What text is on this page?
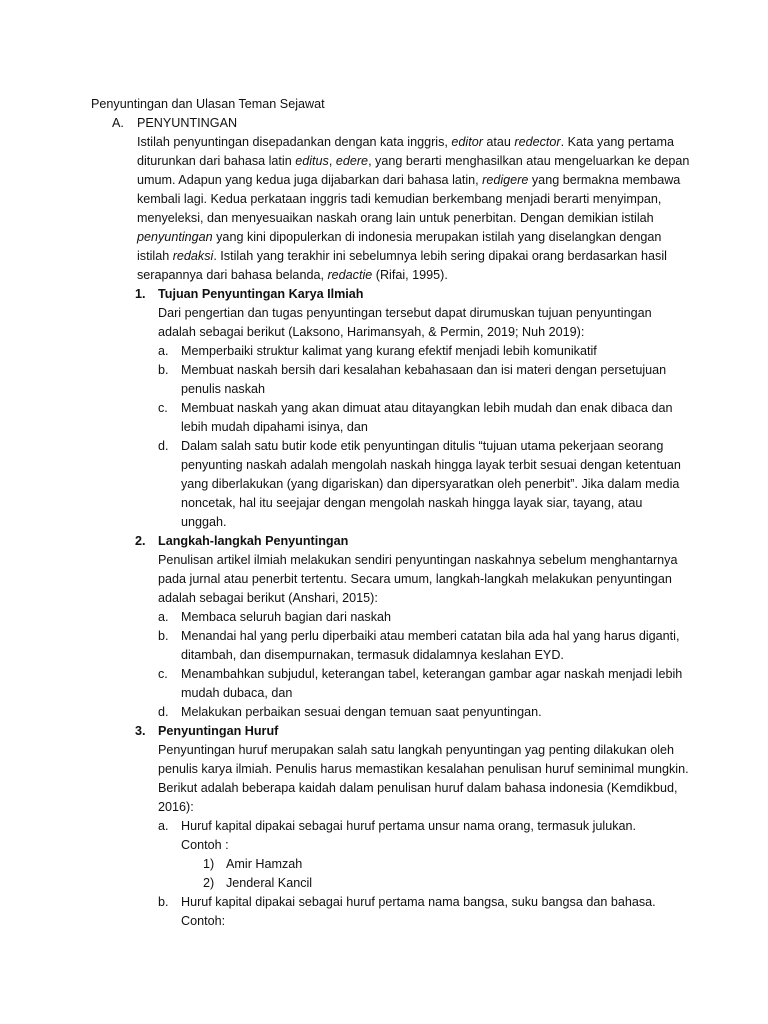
Penyuntingan dan Ulasan Teman Sejawat
A. PENYUNTINGAN
Istilah penyuntingan disepadankan dengan kata inggris, editor atau redector. Kata yang pertama diturunkan dari bahasa latin editus, edere, yang berarti menghasilkan atau mengeluarkan ke depan umum. Adapun yang kedua juga dijabarkan dari bahasa latin, redigere yang bermakna membawa kembali lagi. Kedua perkataan inggris tadi kemudian berkembang menjadi berarti menyimpan, menyeleksi, dan menyesuaikan naskah orang lain untuk penerbitan. Dengan demikian istilah penyuntingan yang kini dipopulerkan di indonesia merupakan istilah yang diselangkan dengan istilah redaksi. Istilah yang terakhir ini sebelumnya lebih sering dipakai orang berdasarkan hasil serapannya dari bahasa belanda, redactie (Rifai, 1995).
1. Tujuan Penyuntingan Karya Ilmiah
Dari pengertian dan tugas penyuntingan tersebut dapat dirumuskan tujuan penyuntingan adalah sebagai berikut (Laksono, Harimansyah, & Permin, 2019; Nuh 2019):
a. Memperbaiki struktur kalimat yang kurang efektif menjadi lebih komunikatif
b. Membuat naskah bersih dari kesalahan kebahasaan dan isi materi dengan persetujuan penulis naskah
c. Membuat naskah yang akan dimuat atau ditayangkan lebih mudah dan enak dibaca dan lebih mudah dipahami isinya, dan
d. Dalam salah satu butir kode etik penyuntingan ditulis “tujuan utama pekerjaan seorang penyunting naskah adalah mengolah naskah hingga layak terbit sesuai dengan ketentuan yang diberlakukan (yang digariskan) dan dipersyaratkan oleh penerbit”. Jika dalam media noncetak, hal itu seejajar dengan mengolah naskah hingga layak siar, tayang, atau unggah.
2. Langkah-langkah Penyuntingan
Penulisan artikel ilmiah melakukan sendiri penyuntingan naskahnya sebelum menghantarnya pada jurnal atau penerbit tertentu. Secara umum, langkah-langkah melakukan penyuntingan adalah sebagai berikut (Anshari, 2015):
a. Membaca seluruh bagian dari naskah
b. Menandai hal yang perlu diperbaiki atau memberi catatan bila ada hal yang harus diganti, ditambah, dan disempurnakan, termasuk didalamnya keslahan EYD.
c. Menambahkan subjudul, keterangan tabel, keterangan gambar agar naskah menjadi lebih mudah dubaca, dan
d. Melakukan perbaikan sesuai dengan temuan saat penyuntingan.
3. Penyuntingan Huruf
Penyuntingan huruf merupakan salah satu langkah penyuntingan yag penting dilakukan oleh penulis karya ilmiah. Penulis harus memastikan kesalahan penulisan huruf seminimal mungkin. Berikut adalah beberapa kaidah dalam penulisan huruf dalam bahasa indonesia (Kemdikbud, 2016):
a. Huruf kapital dipakai sebagai huruf pertama unsur nama orang, termasuk julukan.
Contoh :
1) Amir Hamzah
2) Jenderal Kancil
b. Huruf kapital dipakai sebagai huruf pertama nama bangsa, suku bangsa dan bahasa.
Contoh:
